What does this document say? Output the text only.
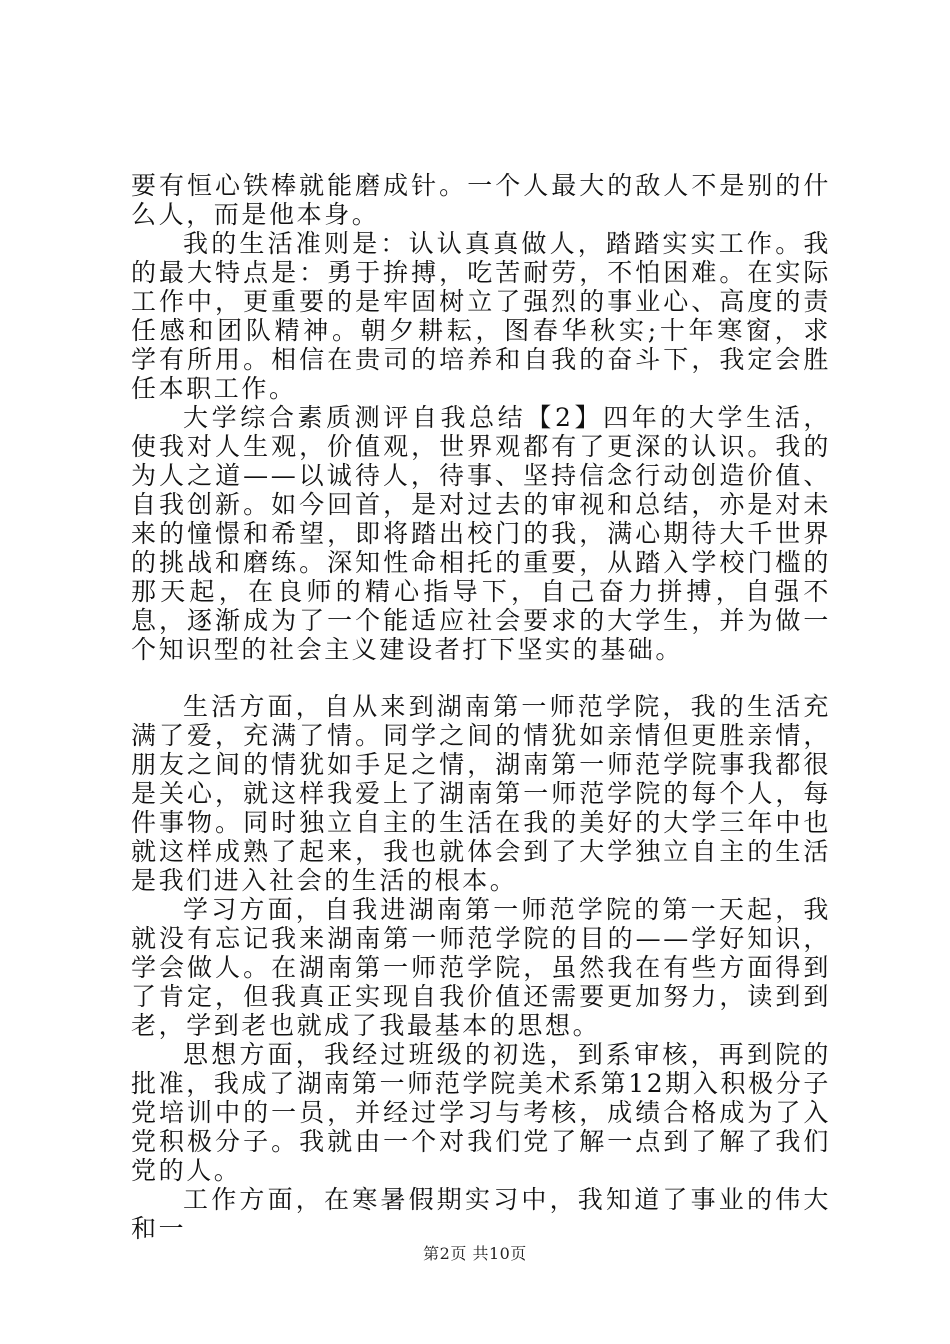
要有恒心铁棒就能磨成针。一个人最大的敌人不是别的什么人，而是他本身。

我的生活准则是：认认真真做人，踏踏实实工作。我的最大特点是：勇于拚搏，吃苦耐劳，不怕困难。在实际工作中，更重要的是牢固树立了强烈的事业心、高度的责任感和团队精神。朝夕耕耘，图春华秋实;十年寒窗，求学有所用。相信在贵司的培养和自我的奋斗下，我定会胜任本职工作。

大学综合素质测评自我总结【2】四年的大学生活，使我对人生观，价值观，世界观都有了更深的认识。我的为人之道——以诚待人，待事、坚持信念行动创造价值、自我创新。如今回首，是对过去的审视和总结，亦是对未来的憧憬和希望，即将踏出校门的我，满心期待大千世界的挑战和磨练。深知性命相托的重要，从踏入学校门槛的那天起，在良师的精心指导下，自己奋力拼搏，自强不息，逐渐成为了一个能适应社会要求的大学生，并为做一个知识型的社会主义建设者打下坚实的基础。

生活方面，自从来到湖南第一师范学院，我的生活充满了爱，充满了情。同学之间的情犹如亲情但更胜亲情，朋友之间的情犹如手足之情，湖南第一师范学院事我都很是关心，就这样我爱上了湖南第一师范学院的每个人，每件事物。同时独立自主的生活在我的美好的大学三年中也就这样成熟了起来，我也就体会到了大学独立自主的生活是我们进入社会的生活的根本。

学习方面，自我进湖南第一师范学院的第一天起，我就没有忘记我来湖南第一师范学院的目的——学好知识，学会做人。在湖南第一师范学院，虽然我在有些方面得到了肯定，但我真正实现自我价值还需要更加努力，读到到老，学到老也就成了我最基本的思想。

思想方面，我经过班级的初选，到系审核，再到院的批准，我成了湖南第一师范学院美术系第12期入积极分子党培训中的一员，并经过学习与考核，成绩合格成为了入党积极分子。我就由一个对我们党了解一点到了解了我们党的人。

工作方面，在寒暑假期实习中，我知道了事业的伟大和一

第2页 共10页
